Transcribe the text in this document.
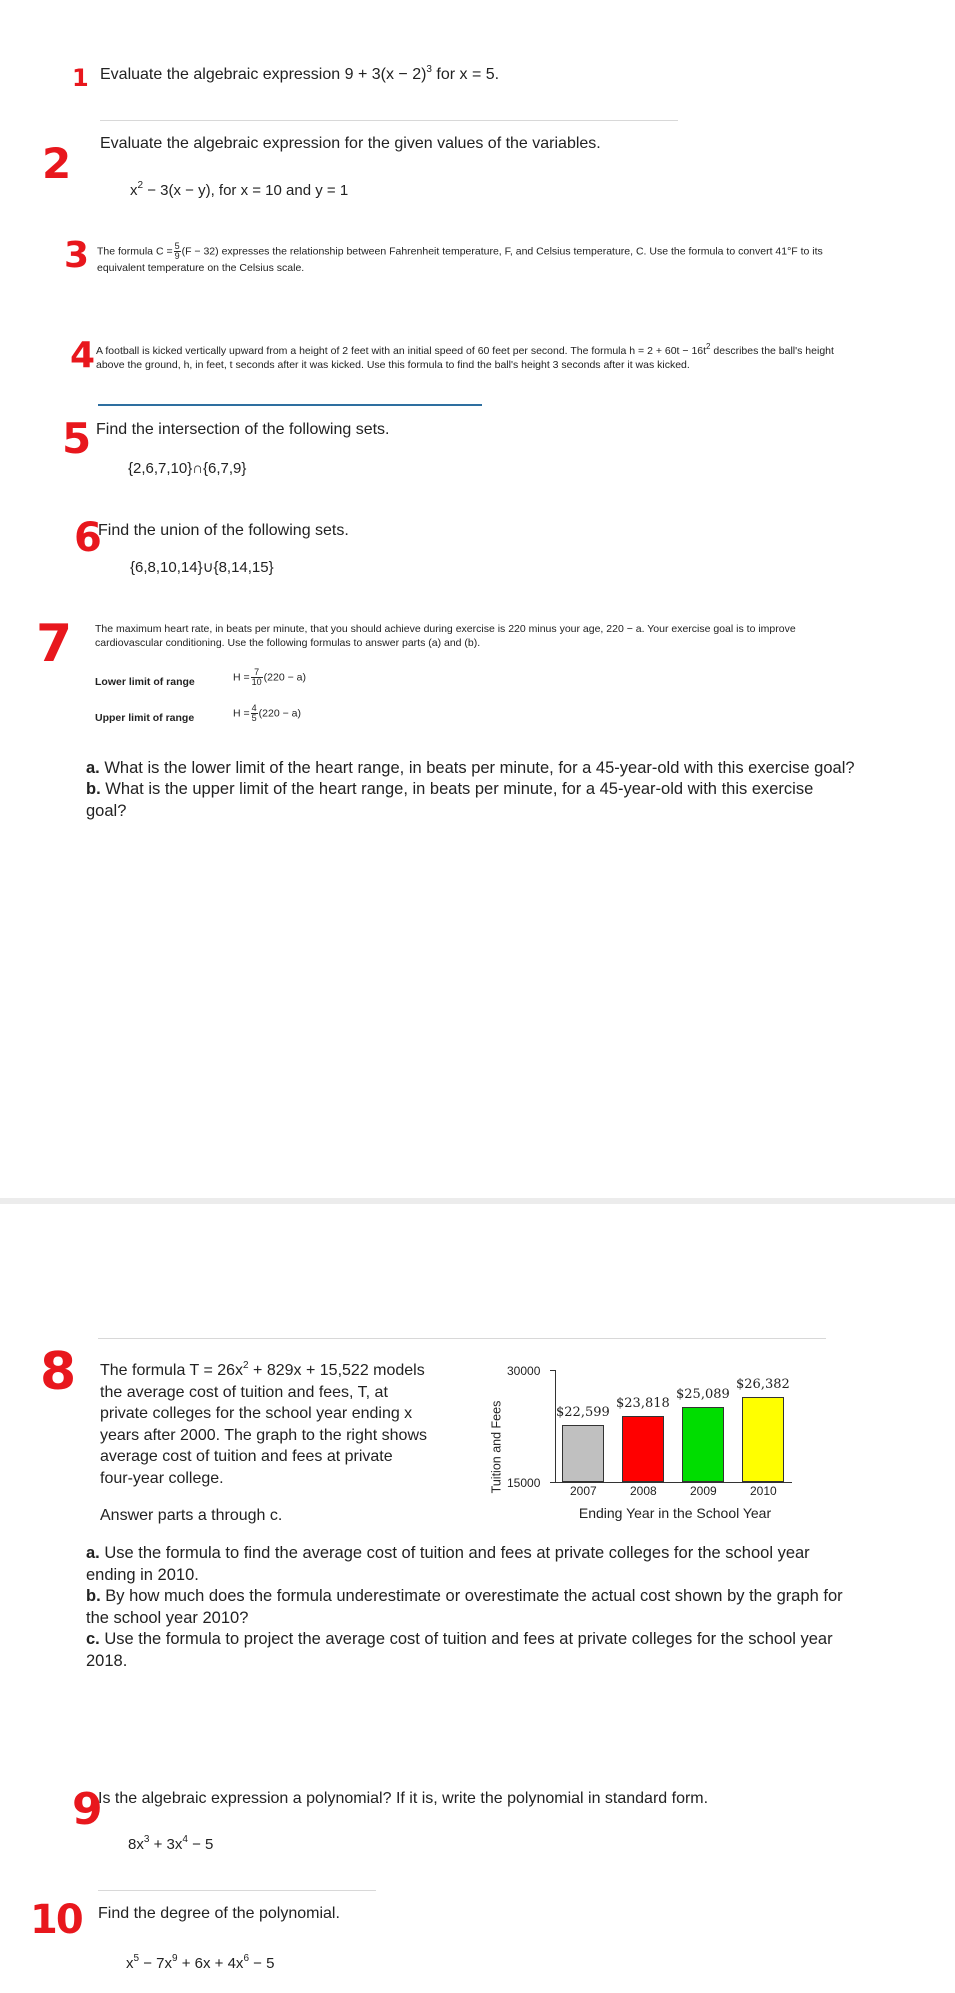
1 Evaluate the algebraic expression $9 + 3(x - 2)^3$ for x = 5.
2 Evaluate the algebraic expression for the given values of the variables.
$x^2 - 3(x - y)$, for x = 10 and y = 1
3 The formula $C = \frac{5}{9} (F - 32)$ expresses the relationship between Fahrenheit temperature, F, and Celsius temperature, C. Use the formula to convert 41°F to its
equivalent temperature on the Celsius scale.
4 A football is kicked vertically upward from a height of 2 feet with an initial speed of 60 feet per second. The formula $h = 2 + 60t - 16t^2$ describes the ball's height
above the ground, h, in feet, t seconds after it was kicked. Use this formula to find the ball's height 3 seconds after it was kicked.
5 Find the intersection of the following sets.
{2,6,7,10}∩{6,7,9}
6
Find the union of the following sets.
{6,8,10,14}∪{8,14,15}
7 The maximum heart rate, in beats per minute, that you should achieve during exercise is 220 minus your age, 220 − a. Your exercise goal is to improve
cardiovascular conditioning. Use the following formulas to answer parts (a) and (b).
Lower limit of range	$H = \frac{7}{10} (220 - a)$
Upper limit of range	$H = \frac{4}{5} (220 - a)$
a. What is the lower limit of the heart range, in beats per minute, for a 45-year-old with this exercise goal?
b. What is the upper limit of the heart range, in beats per minute, for a 45-year-old with this exercise
goal?
8 The formula $T = 26x^2 + 829x + 15,522$ models
the average cost of tuition and fees, T, at
private colleges for the school year ending x
years after 2000. The graph to the right shows
average cost of tuition and fees at private
four-year college.	Tuition and Fees
30000
15000
$22,599
2007
$23,818
2008
$25,089
2009
$26,382
2010
Ending Year in the School Year
Answer parts a through c.
a. Use the formula to find the average cost of tuition and fees at private colleges for the school year
ending in 2010.
b. By how much does the formula underestimate or overestimate the actual cost shown by the graph for
the school year 2010?
c. Use the formula to project the average cost of tuition and fees at private colleges for the school year
2018.
9
Is the algebraic expression a polynomial? If it is, write the polynomial in standard form.
$8x^3 + 3x^4 - 5$
10 Find the degree of the polynomial.
$x^5 - 7x^9 + 6x + 4x^6 - 5$
